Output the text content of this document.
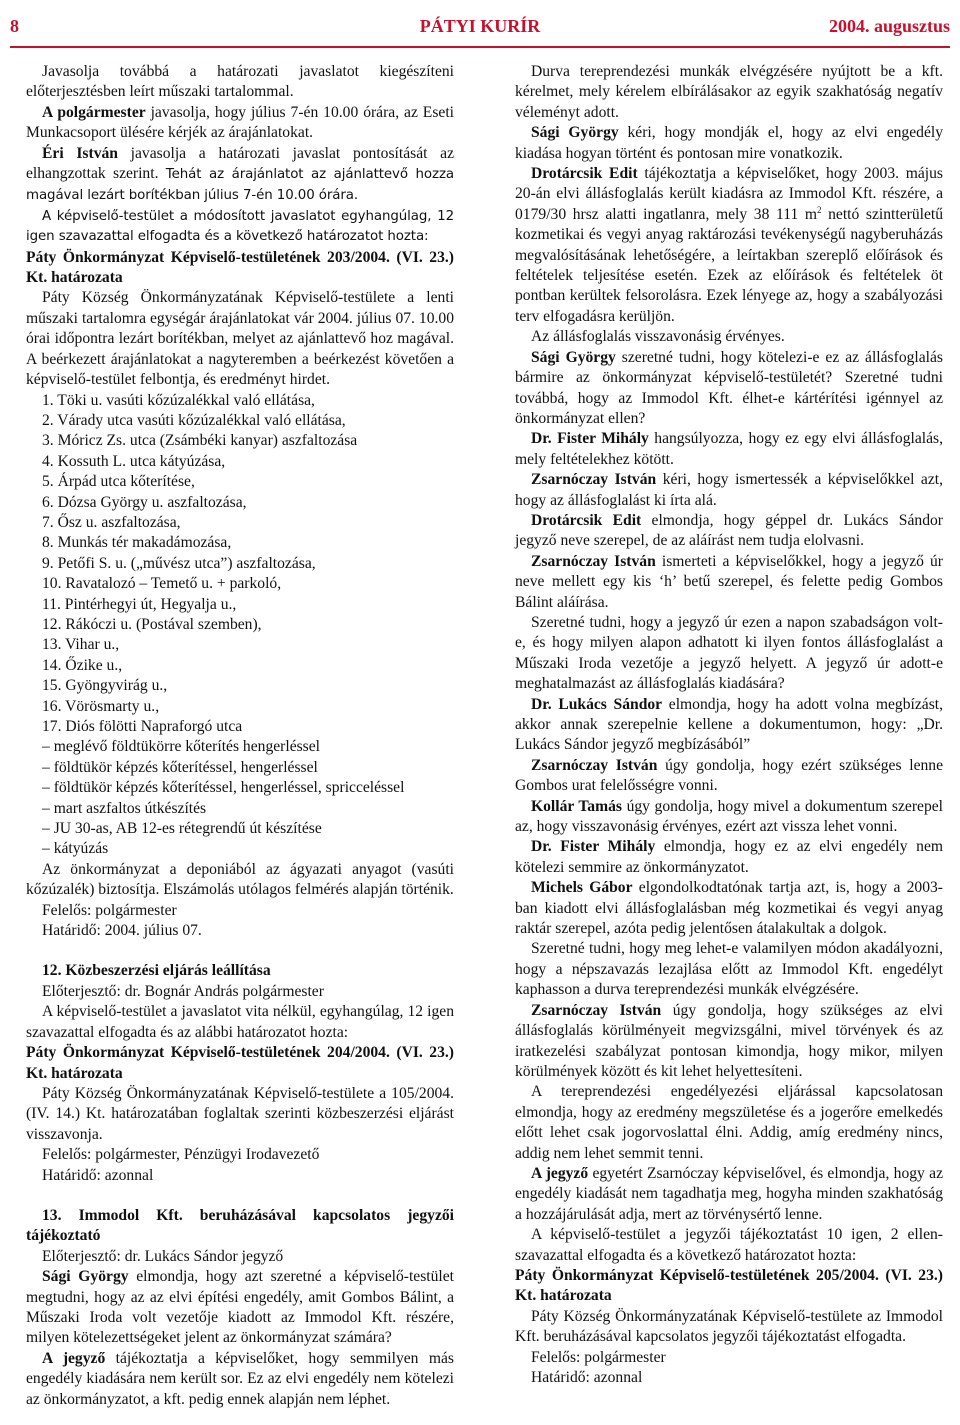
8	PÁTYI KURÍR	2004. augusztus

Javasolja továbbá a határozati javaslatot kiegészíteni előterjesztésben leírt műszaki tartalommal.

A polgármester javasolja, hogy július 7-én 10.00 órára, az Eseti Munkacsoport ülésére kérjék az árajánlatokat.

Éri István javasolja a határozati javaslat pontosítását az elhangzottak szerint. Tehát az árajánlatot az ajánlattevő hozza magával lezárt borítékban július 7-én 10.00 órára.

A képviselő-testület a módosított javaslatot egyhangúlag, 12 igen szavazattal elfogadta és a következő határozatot hozta:

Páty Önkormányzat Képviselő-testületének 203/2004. (VI. 23.) Kt. határozata

Páty Község Önkormányzatának Képviselő-testülete a lenti műszaki tartalomra egységár árajánlatokat vár 2004. július 07. 10.00 órai időpontra lezárt borítékban, melyet az ajánlattevő hoz magával. A beérkezett árajánlatokat a nagyteremben a beérkezést követően a képviselő-testület felbontja, és eredményt hirdet.

1. Töki u. vasúti kőzúzalékkal való ellátása,

2. Várady utca vasúti kőzúzalékkal való ellátása,

3. Móricz Zs. utca (Zsámbéki kanyar) aszfaltozása

4. Kossuth L. utca kátyúzása,

5. Árpád utca kőterítése,

6. Dózsa György u. aszfaltozása,

7. Ősz u. aszfaltozása,

8. Munkás tér makadámozása,

9. Petőfi S. u. („művész utca”) aszfaltozása,

10. Ravatalozó – Temető u. + parkoló,

11. Pintérhegyi út, Hegyalja u.,

12. Rákóczi u. (Postával szemben),

13. Vihar u.,

14. Őzike u.,

15. Gyöngyvirág u.,

16. Vörösmarty u.,

17. Diós fölötti Napraforgó utca

– meglévő földtükörre kőterítés hengerléssel

– földtükör képzés kőterítéssel, hengerléssel

– földtükör képzés kőterítéssel, hengerléssel, spricceléssel

– mart aszfaltos útkészítés

– JU 30-as, AB 12-es rétegrendű út készítése

– kátyúzás

Az önkormányzat a deponiából az ágyazati anyagot (vasúti kőzúzalék) biztosítja. Elszámolás utólagos felmérés alapján történik.

Felelős: polgármester

Határidő: 2004. július 07.

12. Közbeszerzési eljárás leállítása

Előterjesztő: dr. Bognár András polgármester

A képviselő-testület a javaslatot vita nélkül, egyhangúlag, 12 igen szavazattal elfogadta és az alábbi határozatot hozta:

Páty Önkormányzat Képviselő-testületének 204/2004. (VI. 23.) Kt. határozata

Páty Község Önkormányzatának Képviselő-testülete a 105/2004. (IV. 14.) Kt. határozatában foglaltak szerinti közbeszerzési eljárást visszavonja.

Felelős: polgármester, Pénzügyi Irodavezető

Határidő: azonnal

13. Immodol Kft. beruházásával kapcsolatos jegyzői tájékoztató

Előterjesztő: dr. Lukács Sándor jegyző

Sági György elmondja, hogy azt szeretné a képviselő-testület megtudni, hogy az az elvi építési engedély, amit Gombos Bálint, a Műszaki Iroda volt vezetője kiadott az Immodol Kft. részére, milyen kötelezettségeket jelent az önkormányzat számára?

A jegyző tájékoztatja a képviselőket, hogy semmilyen más engedély kiadására nem került sor. Ez az elvi engedély nem kötelezi az önkormányzatot, a kft. pedig ennek alapján nem léphet.

Durva tereprendezési munkák elvégzésére nyújtott be a kft. kérelmet, mely kérelem elbírálásakor az egyik szakhatóság negatív véleményt adott.

Sági György kéri, hogy mondják el, hogy az elvi engedély kiadása hogyan történt és pontosan mire vonatkozik.

Drotárcsik Edit tájékoztatja a képviselőket, hogy 2003. május 20-án elvi állásfoglalás került kiadásra az Immodol Kft. részére, a 0179/30 hrsz alatti ingatlanra, mely 38 111 $m^2$ nettó szintterületű kozmetikai és vegyi anyag raktározási tevékenységű nagyberuházás megvalósításának lehetőségére, a leírtakban szereplő előírások és feltételek teljesítése esetén. Ezek az előírások és feltételek öt pontban kerültek felsorolásra. Ezek lényege az, hogy a szabályozási terv elfogadásra kerüljön.

Az állásfoglalás visszavonásig érvényes.

Sági György szeretné tudni, hogy kötelezi-e ez az állásfoglalás bármire az önkormányzat képviselő-testületét? Szeretné tudni továbbá, hogy az Immodol Kft. élhet-e kártérítési igénnyel az önkormányzat ellen?

Dr. Fister Mihály hangsúlyozza, hogy ez egy elvi állásfoglalás, mely feltételekhez kötött.

Zsarnóczay István kéri, hogy ismertessék a képviselőkkel azt, hogy az állásfoglalást ki írta alá.

Drotárcsik Edit elmondja, hogy géppel dr. Lukács Sándor jegyző neve szerepel, de az aláírást nem tudja elolvasni.

Zsarnóczay István ismerteti a képviselőkkel, hogy a jegyző úr neve mellett egy kis ‘h’ betű szerepel, és felette pedig Gombos Bálint aláírása.

Szeretné tudni, hogy a jegyző úr ezen a napon szabadságon volt-e, és hogy milyen alapon adhatott ki ilyen fontos állásfoglalást a Műszaki Iroda vezetője a jegyző helyett. A jegyző úr adott-e meghatalmazást az állásfoglalás kiadására?

Dr. Lukács Sándor elmondja, hogy ha adott volna megbízást, akkor annak szerepelnie kellene a dokumentumon, hogy: „Dr. Lukács Sándor jegyző megbízásából”

Zsarnóczay István úgy gondolja, hogy ezért szükséges lenne Gombos urat felelősségre vonni.

Kollár Tamás úgy gondolja, hogy mivel a dokumentum szerepel az, hogy visszavonásig érvényes, ezért azt vissza lehet vonni.

Dr. Fister Mihály elmondja, hogy ez az elvi engedély nem kötelezi semmire az önkormányzatot.

Michels Gábor elgondolkodtatónak tartja azt, is, hogy a 2003-ban kiadott elvi állásfoglalásban még kozmetikai és vegyi anyag raktár szerepel, azóta pedig jelentősen átalakultak a dolgok.

Szeretné tudni, hogy meg lehet-e valamilyen módon akadályozni, hogy a népszavazás lezajlása előtt az Immodol Kft. engedélyt kaphasson a durva tereprendezési munkák elvégzésére.

Zsarnóczay István úgy gondolja, hogy szükséges az elvi állásfoglalás körülményeit megvizsgálni, mivel törvények és az iratkezelési szabályzat pontosan kimondja, hogy mikor, milyen körülmények között és kit lehet helyettesíteni.

A tereprendezési engedélyezési eljárással kapcsolatosan elmondja, hogy az eredmény megszületése és a jogerőre emelkedés előtt lehet csak jogorvoslattal élni. Addig, amíg eredmény nincs, addig nem lehet semmit tenni.

A jegyző egyetért Zsarnóczay képviselővel, és elmondja, hogy az engedély kiadását nem tagadhatja meg, hogyha minden szakhatóság a hozzájárulását adja, mert az törvénysértő lenne.

A képviselő-testület a jegyzői tájékoztatást 10 igen, 2 ellen-szavazattal elfogadta és a következő határozatot hozta:

Páty Önkormányzat Képviselő-testületének 205/2004. (VI. 23.) Kt. határozata

Páty Község Önkormányzatának Képviselő-testülete az Immodol Kft. beruházásával kapcsolatos jegyzői tájékoztatást elfogadta.

Felelős: polgármester

Határidő: azonnal
